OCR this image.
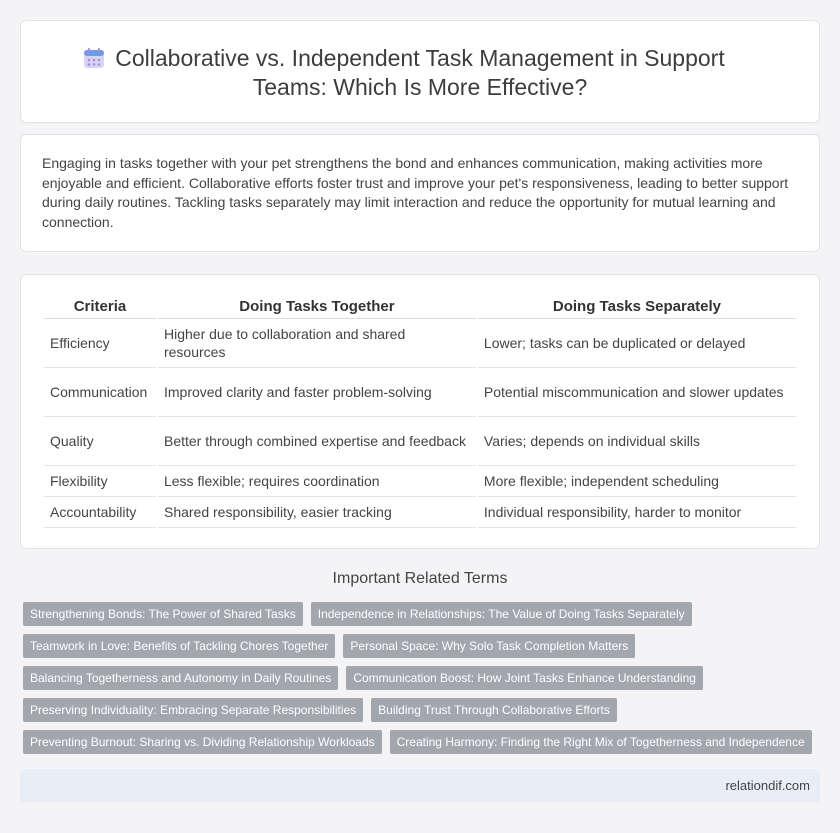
Collaborative vs. Independent Task Management in Support Teams: Which Is More Effective?

Engaging in tasks together with your pet strengthens the bond and enhances communication, making activities more enjoyable and efficient. Collaborative efforts foster trust and improve your pet's responsiveness, leading to better support during daily routines. Tackling tasks separately may limit interaction and reduce the opportunity for mutual learning and connection.

Criteria	Doing Tasks Together	Doing Tasks Separately
Efficiency	Higher due to collaboration and shared resources	Lower; tasks can be duplicated or delayed
Communication	Improved clarity and faster problem-solving	Potential miscommunication and slower updates
Quality	Better through combined expertise and feedback	Varies; depends on individual skills
Flexibility	Less flexible; requires coordination	More flexible; independent scheduling
Accountability	Shared responsibility, easier tracking	Individual responsibility, harder to monitor
Important Related Terms
Strengthening Bonds: The Power of Shared Tasks	Independence in Relationships: The Value of Doing Tasks Separately
Teamwork in Love: Benefits of Tackling Chores Together	Personal Space: Why Solo Task Completion Matters
Balancing Togetherness and Autonomy in Daily Routines	Communication Boost: How Joint Tasks Enhance Understanding
Preserving Individuality: Embracing Separate Responsibilities	Building Trust Through Collaborative Efforts
Preventing Burnout: Sharing vs. Dividing Relationship Workloads	Creating Harmony: Finding the Right Mix of Togetherness and Independence
relationdif.com
